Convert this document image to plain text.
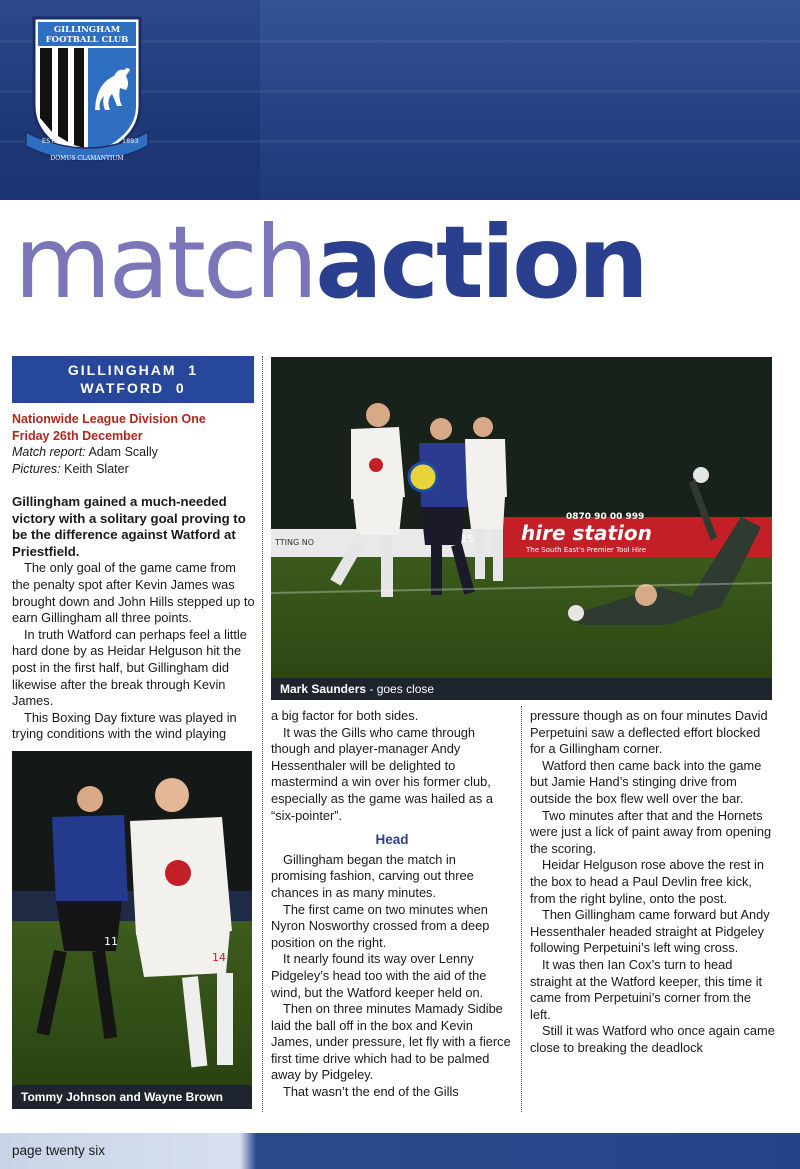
GILLINGHAM
FOOTBALL CLUB
EST.	1893
DOMUS CLAMANTIUM
matchaction
GILLINGHAM  1
WATFORD  0
Nationwide League Division One
Friday 26th December
Match report: Adam Scally
Pictures: Keith Slater

Gillingham gained a much-needed victory with a solitary goal proving to be the difference against Watford at Priestfield.

The only goal of the game came from the penalty spot after Kevin James was brought down and John Hills stepped up to earn Gillingham all three points.

In truth Watford can perhaps feel a little hard done by as Heidar Helguson hit the post in the first half, but Gillingham did likewise after the break through Kevin James.

This Boxing Day fixture was played in trying conditions with the wind playing

a big factor for both sides.

It was the Gills who came through though and player-manager Andy Hessenthaler will be delighted to mastermind a win over his former club, especially as the game was hailed as a “six-pointer”.

Head

Gillingham began the match in promising fashion, carving out three chances in as many minutes.

The first came on two minutes when Nyron Nosworthy crossed from a deep position on the right.

It nearly found its way over Lenny Pidgeley’s head too with the aid of the wind, but the Watford keeper held on.

Then on three minutes Mamady Sidibe laid the ball off in the box and Kevin James, under pressure, let fly with a fierce first time drive which had to be palmed away by Pidgeley.

That wasn’t the end of the Gills

pressure though as on four minutes David Perpetuini saw a deflected effort blocked for a Gillingham corner.

Watford then came back into the game but Jamie Hand’s stinging drive from outside the box flew well over the bar.

Two minutes after that and the Hornets were just a lick of paint away from opening the scoring.

Heidar Helguson rose above the rest in the box to head a Paul Devlin free kick, from the right byline, onto the post.

Then Gillingham came forward but Andy Hessenthaler headed straight at Pidgeley following Perpetuini’s left wing cross.

It was then Ian Cox’s turn to head straight at the Watford keeper, this time it came from Perpetuini’s corner from the left.

Still it was Watford who once again came close to breaking the deadlock

hire station
0870 90 00 999
The South East's Premier Tool Hire
TTING NO	15
Mark Saunders - goes close
11
14
Tommy Johnson and Wayne Brown
page twenty six
